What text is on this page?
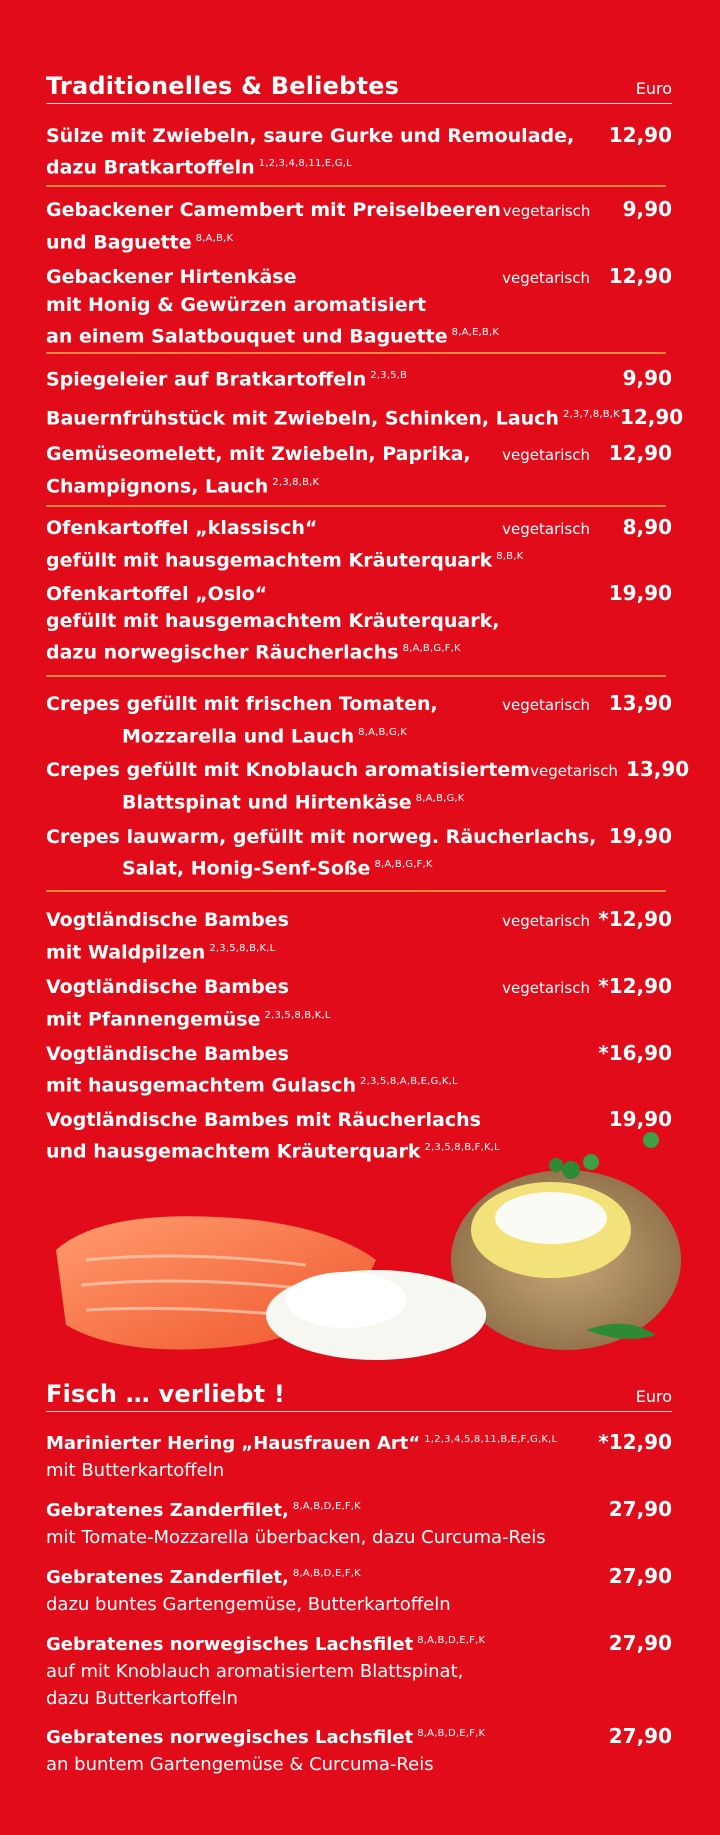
Traditionelles & Beliebtes	Euro
Sülze mit Zwiebeln, saure Gurke und Remoulade,	12,90
dazu Bratkartoffeln $^{1,2,3,4,8,11,E,G,L}$
Gebackener Camembert mit Preiselbeeren vegetarisch	9,90
und Baguette $^{8,A,B,K}$
Gebackener Hirtenkäse	vegetarisch 12,90
mit Honig & Gewürzen aromatisiert
an einem Salatbouquet und Baguette $^{8,A,E,B,K}$
Spiegeleier auf Bratkartoffeln $^{2,3,5,B}$	9,90
Bauernfrühstück mit Zwiebeln, Schinken, Lauch $^{2,3,7,8,B,K}$ 12,90
Gemüseomelett, mit Zwiebeln, Paprika,	vegetarisch 12,90
Champignons, Lauch $^{2,3,8,B,K}$
Ofenkartoffel „klassisch“	vegetarisch	8,90
gefüllt mit hausgemachtem Kräuterquark $^{8,B,K}$
Ofenkartoffel „Oslo“	19,90
gefüllt mit hausgemachtem Kräuterquark,
dazu norwegischer Räucherlachs $^{8,A,B,G,F,K}$
Crepes gefüllt mit frischen Tomaten,	vegetarisch 13,90
Mozzarella und Lauch $^{8,A,B,G,K}$
Crepes gefüllt mit Knoblauch aromatisiertem vegetarisch 13,90
Blattspinat und Hirtenkäse $^{8,A,B,G,K}$
Crepes lauwarm, gefüllt mit norweg. Räucherlachs, 19,90
Salat, Honig-Senf-Soße $^{8,A,B,G,F,K}$
Vogtländische Bambes	vegetarisch *12,90
mit Waldpilzen $^{2,3,5,8,B,K,L}$
Vogtländische Bambes	vegetarisch *12,90
mit Pfannengemüse $^{2,3,5,8,B,K,L}$
Vogtländische Bambes	*16,90
mit hausgemachtem Gulasch $^{2,3,5,8,A,B,E,G,K,L}$
Vogtländische Bambes mit Räucherlachs	19,90
und hausgemachtem Kräuterquark $^{2,3,5,8,B,F,K,L}$
Fisch … verliebt !	Euro
Marinierter Hering „Hausfrauen Art“ $^{1,2,3,4,5,8,11,B,E,F,G,K,L}$	*12,90
mit Butterkartoffeln
Gebratenes Zanderfilet, $^{8,A,B,D,E,F,K}$	27,90
mit Tomate-Mozzarella überbacken, dazu Curcuma-Reis
Gebratenes Zanderfilet, $^{8,A,B,D,E,F,K}$	27,90
dazu buntes Gartengemüse, Butterkartoffeln
Gebratenes norwegisches Lachsfilet $^{8,A,B,D,E,F,K}$	27,90
auf mit Knoblauch aromatisiertem Blattspinat,
dazu Butterkartoffeln
Gebratenes norwegisches Lachsfilet $^{8,A,B,D,E,F,K}$	27,90
an buntem Gartengemüse & Curcuma-Reis
